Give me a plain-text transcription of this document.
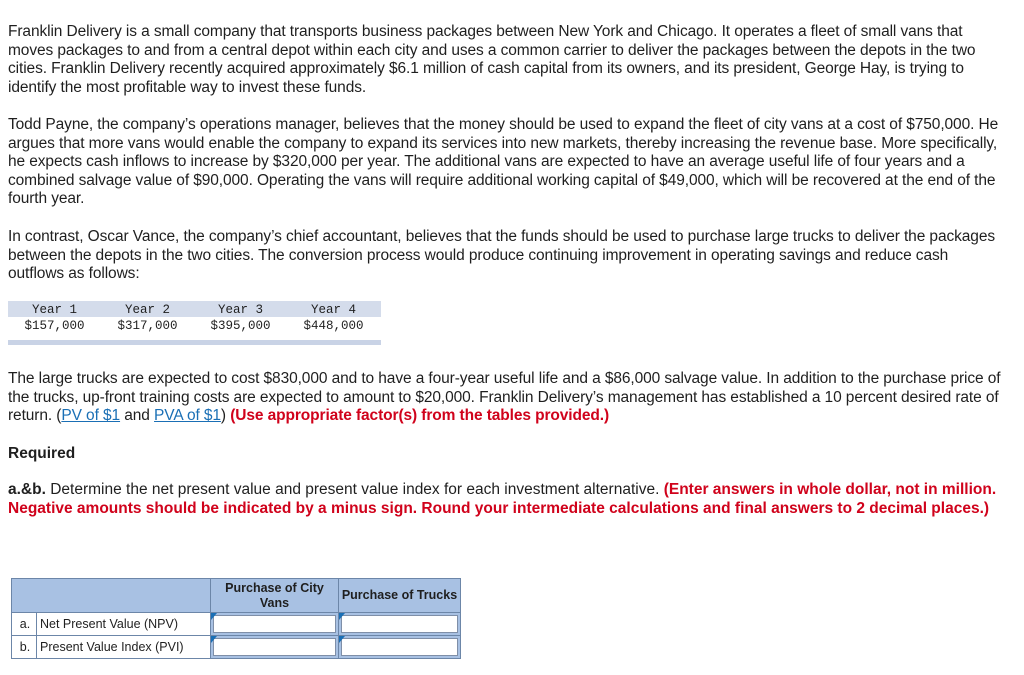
Franklin Delivery is a small company that transports business packages between New York and Chicago. It operates a fleet of small vans that moves packages to and from a central depot within each city and uses a common carrier to deliver the packages between the depots in the two cities. Franklin Delivery recently acquired approximately $6.1 million of cash capital from its owners, and its president, George Hay, is trying to identify the most profitable way to invest these funds.

Todd Payne, the company’s operations manager, believes that the money should be used to expand the fleet of city vans at a cost of $750,000. He argues that more vans would enable the company to expand its services into new markets, thereby increasing the revenue base. More specifically, he expects cash inflows to increase by $320,000 per year. The additional vans are expected to have an average useful life of four years and a combined salvage value of $90,000. Operating the vans will require additional working capital of $49,000, which will be recovered at the end of the fourth year.

In contrast, Oscar Vance, the company’s chief accountant, believes that the funds should be used to purchase large trucks to deliver the packages between the depots in the two cities. The conversion process would produce continuing improvement in operating savings and reduce cash outflows as follows:

Year 1	Year 2	Year 3	Year 4
$157,000	$317,000	$395,000	$448,000

The large trucks are expected to cost $830,000 and to have a four-year useful life and a $86,000 salvage value. In addition to the purchase price of the trucks, up-front training costs are expected to amount to $20,000. Franklin Delivery’s management has established a 10 percent desired rate of return. (PV of $1 and PVA of $1) (Use appropriate factor(s) from the tables provided.)

Required

a.&b. Determine the net present value and present value index for each investment alternative. (Enter answers in whole dollar, not in million. Negative amounts should be indicated by a minus sign. Round your intermediate calculations and final answers to 2 decimal places.)
		Purchase of City Vans	Purchase of Trucks
a.	Net Present Value (NPV)	

b.	Present Value Index (PVI)	
